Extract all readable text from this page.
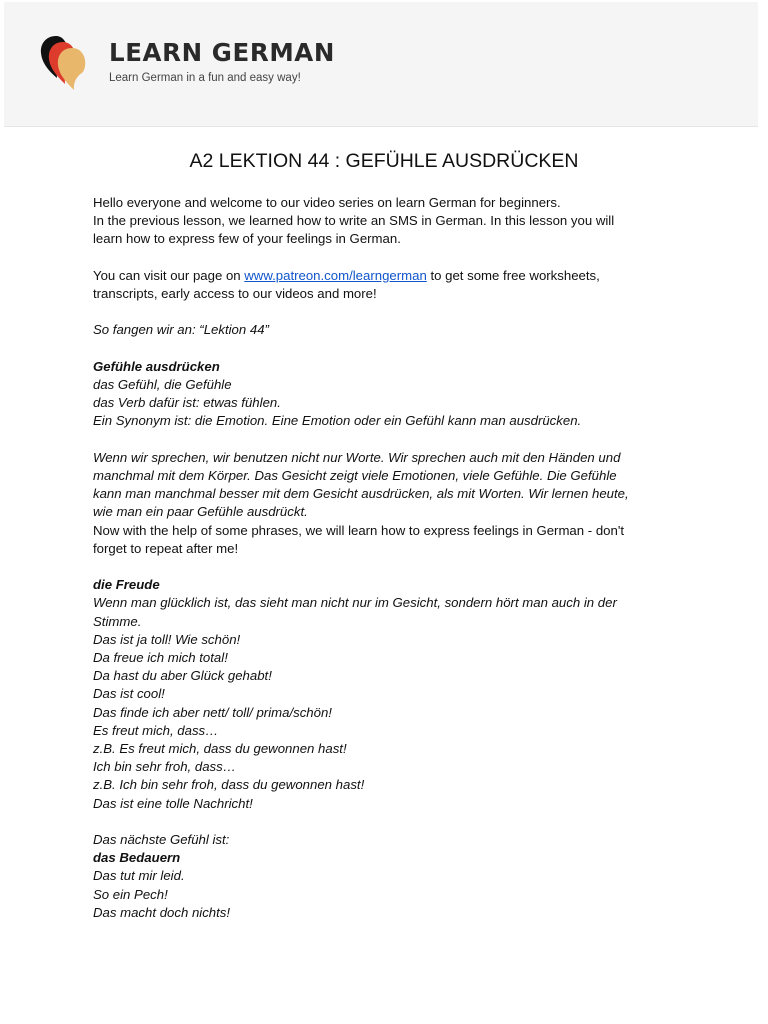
LEARN GERMAN
Learn German in a fun and easy way!
A2 LEKTION 44 : GEFÜHLE AUSDRÜCKEN
Hello everyone and welcome to our video series on learn German for beginners.
In the previous lesson, we learned how to write an SMS in German. In this lesson you will
learn how to express few of your feelings in German.
You can visit our page on www.patreon.com/learngerman to get some free worksheets,
transcripts, early access to our videos and more!
So fangen wir an: “Lektion 44”
Gefühle ausdrücken
das Gefühl, die Gefühle
das Verb dafür ist: etwas fühlen.
Ein Synonym ist: die Emotion. Eine Emotion oder ein Gefühl kann man ausdrücken.
Wenn wir sprechen, wir benutzen nicht nur Worte. Wir sprechen auch mit den Händen und
manchmal mit dem Körper. Das Gesicht zeigt viele Emotionen, viele Gefühle. Die Gefühle
kann man manchmal besser mit dem Gesicht ausdrücken, als mit Worten. Wir lernen heute,
wie man ein paar Gefühle ausdrückt.
Now with the help of some phrases, we will learn how to express feelings in German - don't
forget to repeat after me!
die Freude
Wenn man glücklich ist, das sieht man nicht nur im Gesicht, sondern hört man auch in der
Stimme.
Das ist ja toll! Wie schön!
Da freue ich mich total!
Da hast du aber Glück gehabt!
Das ist cool!
Das finde ich aber nett/ toll/ prima/schön!
Es freut mich, dass…
z.B. Es freut mich, dass du gewonnen hast!
Ich bin sehr froh, dass…
z.B. Ich bin sehr froh, dass du gewonnen hast!
Das ist eine tolle Nachricht!
Das nächste Gefühl ist:
das Bedauern
Das tut mir leid.
So ein Pech!
Das macht doch nichts!
